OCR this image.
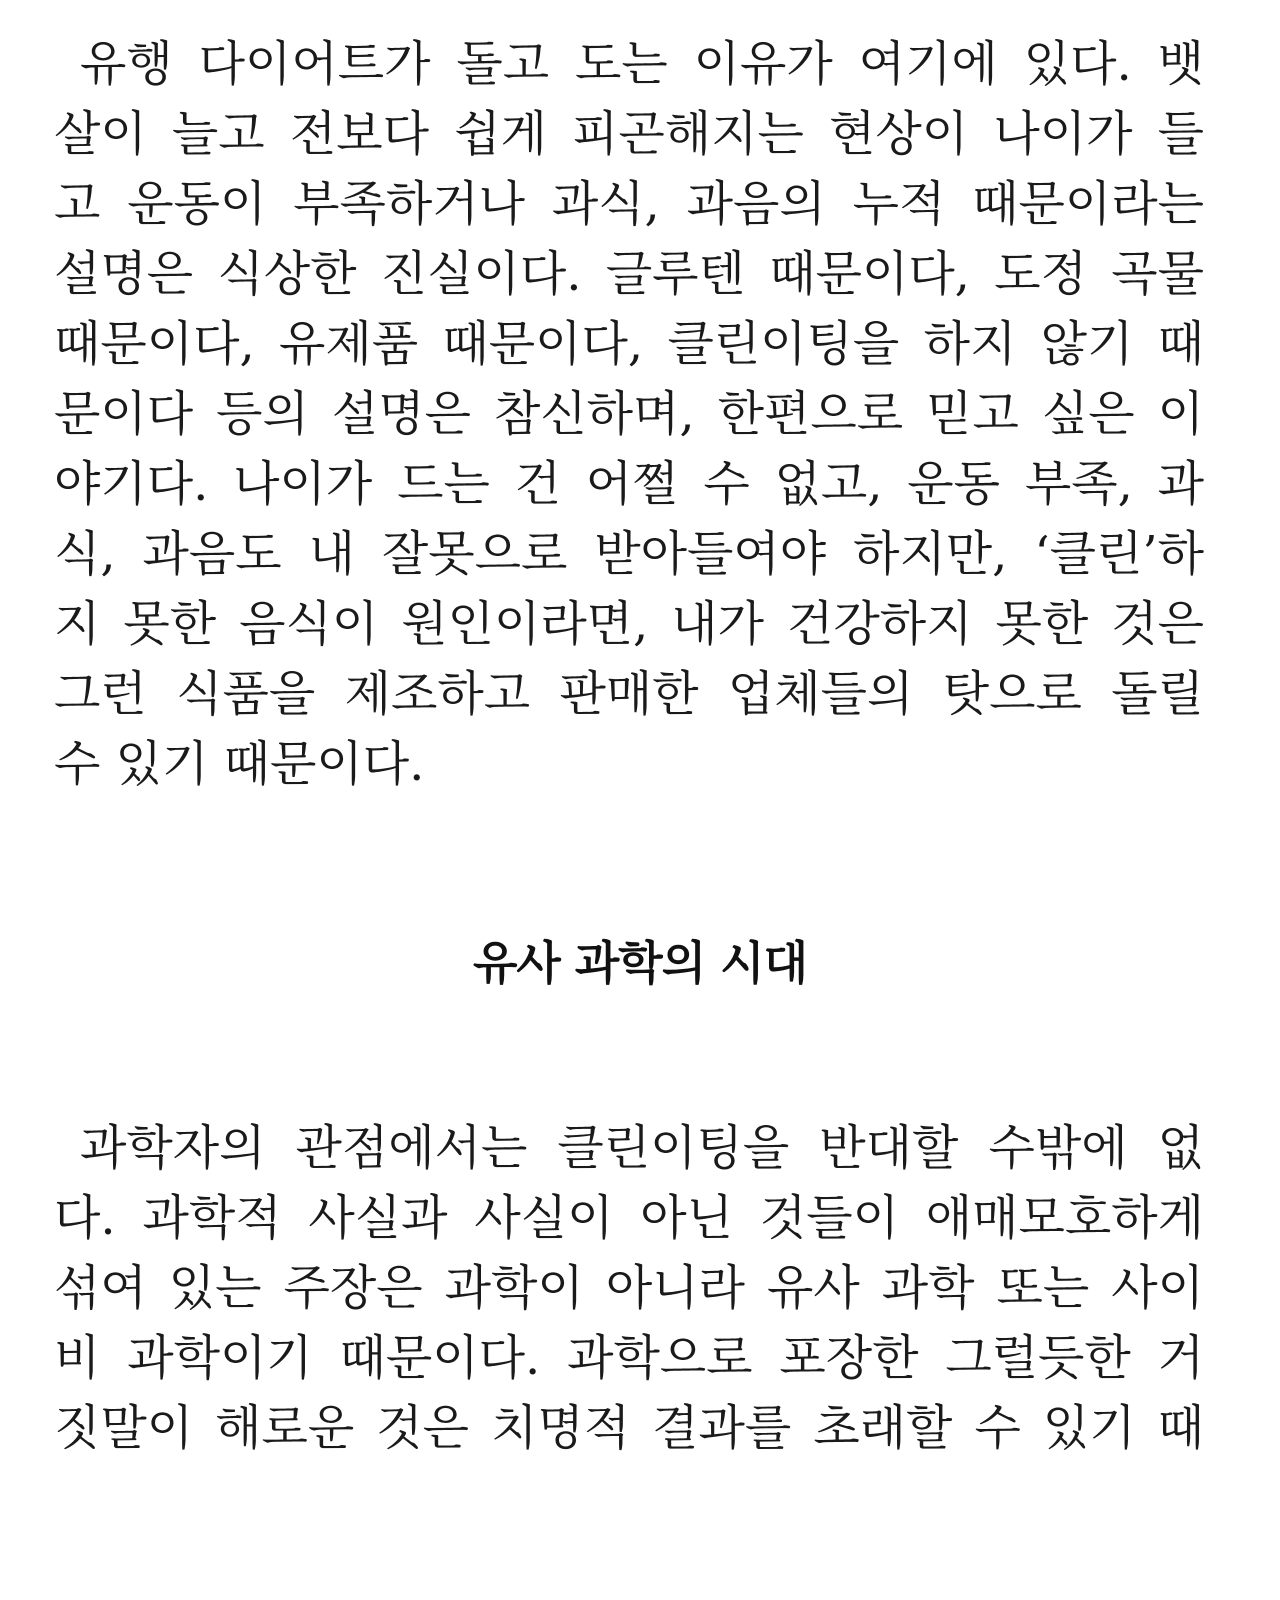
유행 다이어트가 돌고 도는 이유가 여기에 있다. 뱃
살이 늘고 전보다 쉽게 피곤해지는 현상이 나이가 들
고 운동이 부족하거나 과식, 과음의 누적 때문이라는
설명은 식상한 진실이다. 글루텐 때문이다, 도정 곡물
때문이다, 유제품 때문이다, 클린이팅을 하지 않기 때
문이다 등의 설명은 참신하며, 한편으로 믿고 싶은 이
야기다. 나이가 드는 건 어쩔 수 없고, 운동 부족, 과
식, 과음도 내 잘못으로 받아들여야 하지만, ‘클린’하
지 못한 음식이 원인이라면, 내가 건강하지 못한 것은
그런 식품을 제조하고 판매한 업체들의 탓으로 돌릴
수 있기 때문이다.
유사 과학의 시대
과학자의 관점에서는 클린이팅을 반대할 수밖에 없
다. 과학적 사실과 사실이 아닌 것들이 애매모호하게
섞여 있는 주장은 과학이 아니라 유사 과학 또는 사이
비 과학이기 때문이다. 과학으로 포장한 그럴듯한 거
짓말이 해로운 것은 치명적 결과를 초래할 수 있기 때
